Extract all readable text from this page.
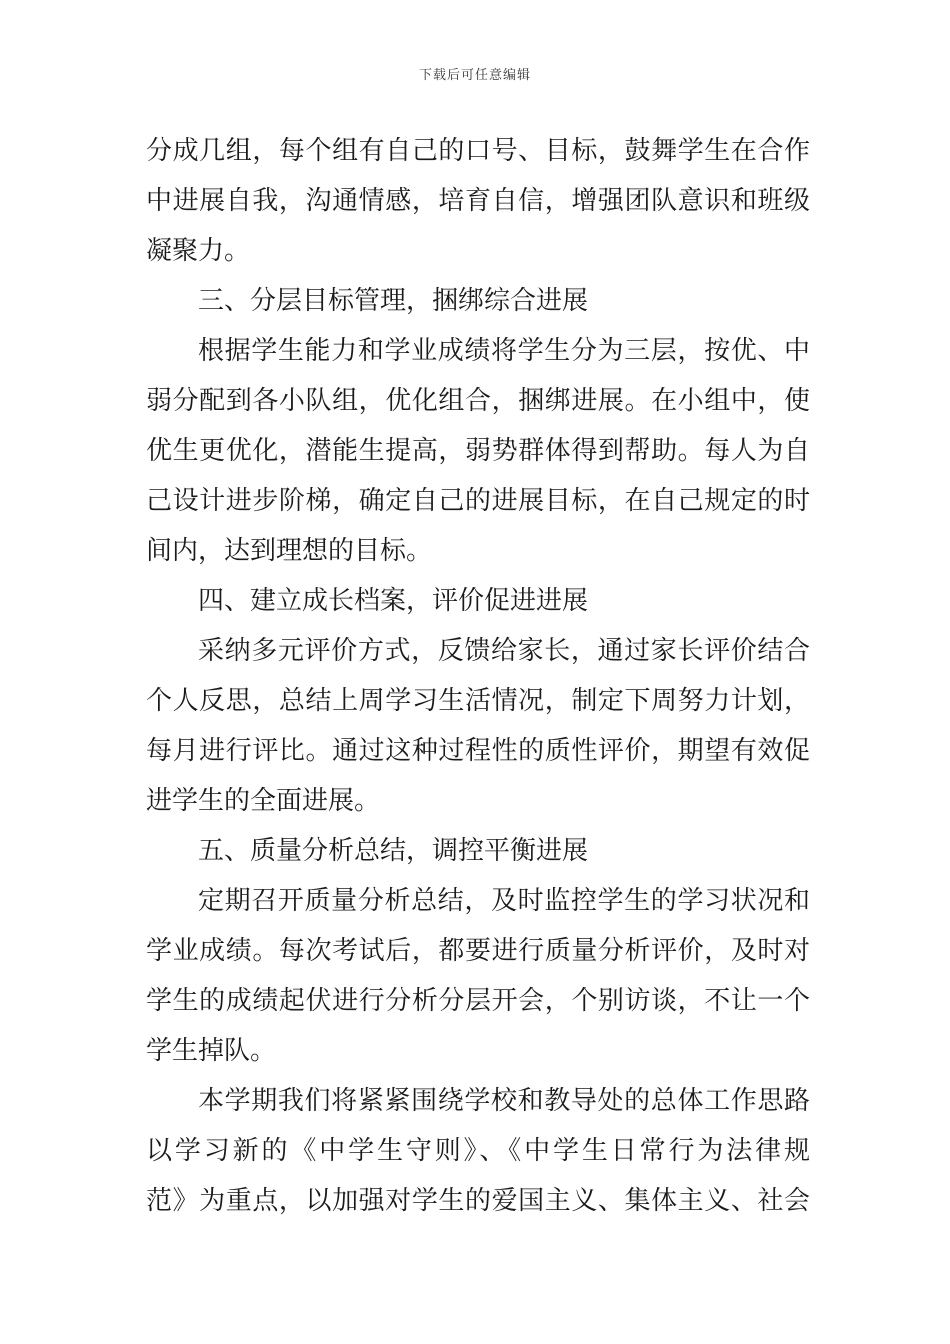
下载后可任意编辑
分成几组，每个组有自己的口号、目标，鼓舞学生在合作
中进展自我，沟通情感，培育自信，增强团队意识和班级
凝聚力。
三、分层目标管理，捆绑综合进展
根据学生能力和学业成绩将学生分为三层，按优、中
弱分配到各小队组，优化组合，捆绑进展。在小组中，使
优生更优化，潜能生提高，弱势群体得到帮助。每人为自
己设计进步阶梯，确定自己的进展目标，在自己规定的时
间内，达到理想的目标。
四、建立成长档案，评价促进进展
采纳多元评价方式，反馈给家长，通过家长评价结合
个人反思，总结上周学习生活情况，制定下周努力计划，
每月进行评比。通过这种过程性的质性评价，期望有效促
进学生的全面进展。
五、质量分析总结，调控平衡进展
定期召开质量分析总结，及时监控学生的学习状况和
学业成绩。每次考试后，都要进行质量分析评价，及时对
学生的成绩起伏进行分析分层开会，个别访谈，不让一个
学生掉队。
本学期我们将紧紧围绕学校和教导处的总体工作思路
以学习新的《中学生守则》、《中学生日常行为法律规
范》为重点，以加强对学生的爱国主义、集体主义、社会
